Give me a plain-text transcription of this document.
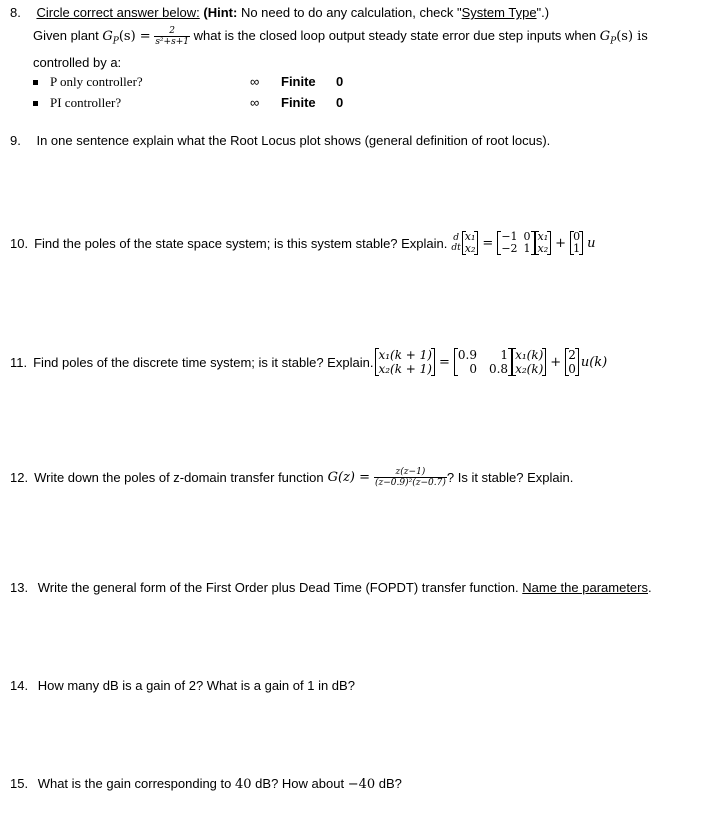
8. Circle correct answer below: (Hint: No need to do any calculation, check "System Type".)
Given plant $G_P(s) = \frac{2}{\text{s²+s+1}}$ what is the closed loop output steady state error due step inputs when $G_P(s)$ is
controlled by a:
P only controller?	∞ Finite 0
PI controller?	∞ Finite 0
9. In one sentence explain what the Root Locus plot shows (general definition of root locus).
10. Find the poles of the state space system; is this system stable? Explain. d
dt
x₁
x₂ = −1 0
−2 1
x₁
x₂ + 0
1 u
11. Find poles of the discrete time system; is it stable? Explain. x₁(k + 1)
x₂(k + 1) = 0.9	1
0 0.8
x₁(k)
x₂(k) + 2
0 u(k)
12. Write down the poles of z-domain transfer function $G(z) = \frac{z(z-1)}{\text{(z−0.9)²(z−0.7)}}$ ? Is it stable? Explain.
13. Write the general form of the First Order plus Dead Time (FOPDT) transfer function. Name the parameters.
14. How many dB is a gain of 2? What is a gain of 1 in dB?
15. What is the gain corresponding to 40 dB? How about −40 dB?
